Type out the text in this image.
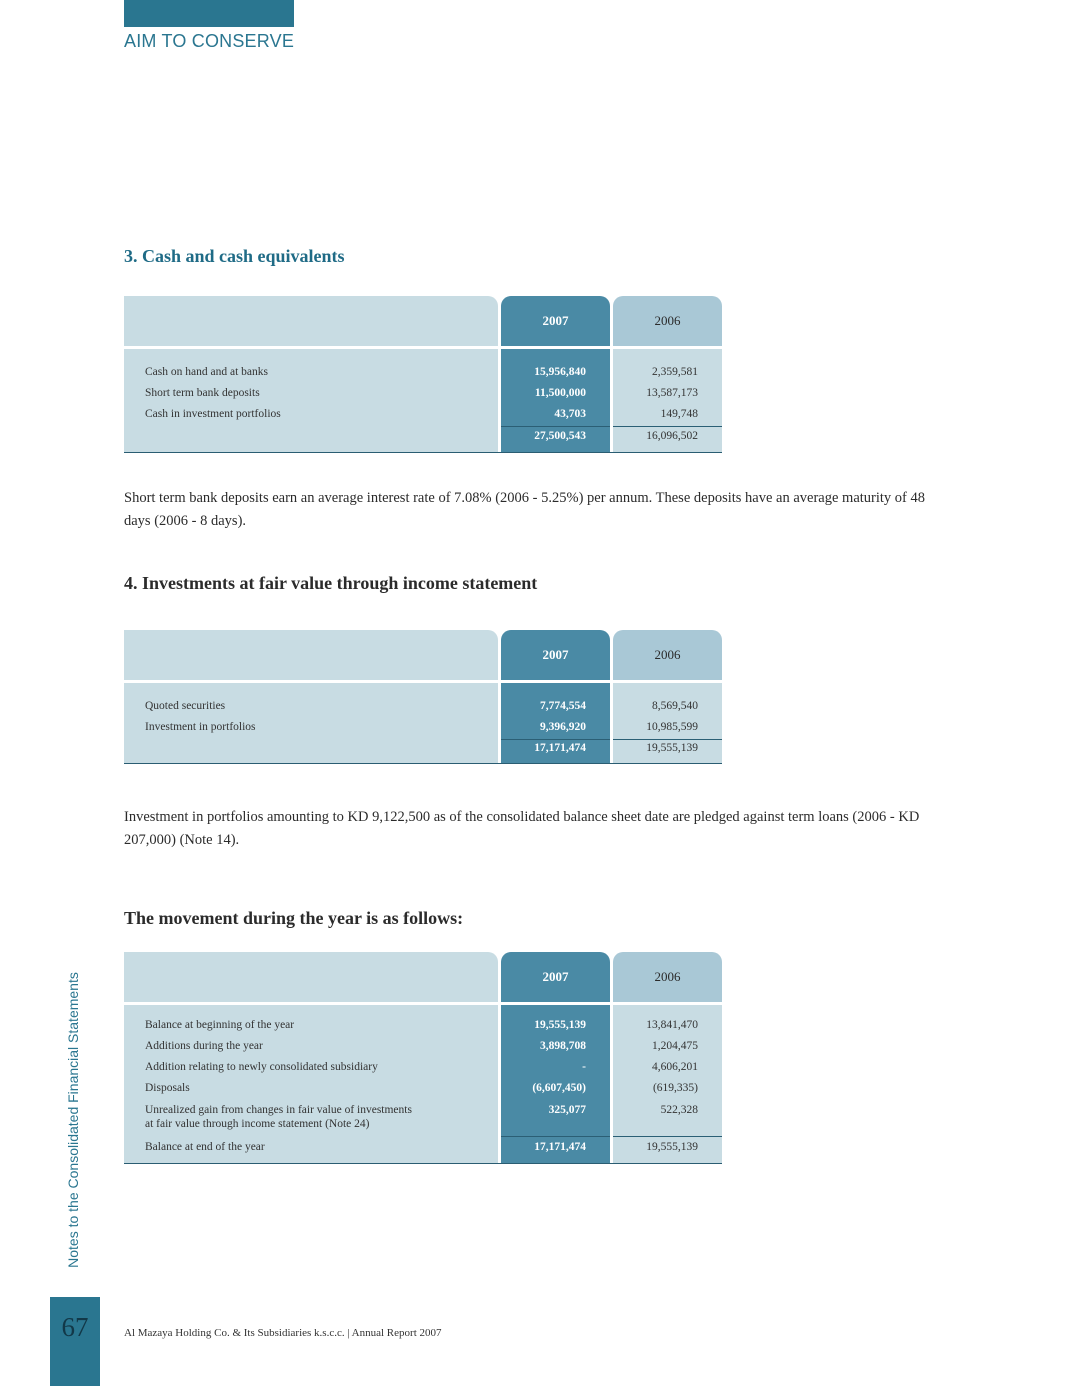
AIM TO CONSERVE
Notes to the Consolidated Financial Statements
67	Al Mazaya Holding Co. & Its Subsidiaries k.s.c.c. | Annual Report 2007
3. Cash and cash equivalents
2007	2006
Cash on hand and at banks	15,956,840	2,359,581
Short term bank deposits	11,500,000	13,587,173
Cash in investment portfolios	43,703	149,748
27,500,543	16,096,502
Short term bank deposits earn an average interest rate of 7.08% (2006 - 5.25%) per annum. These deposits have an average maturity of 48 days (2006 - 8 days).
4. Investments at fair value through income statement
2007	2006
Quoted securities	7,774,554	8,569,540
Investment in portfolios	9,396,920	10,985,599
17,171,474	19,555,139
Investment in portfolios amounting to KD 9,122,500 as of the consolidated balance sheet date are pledged against term loans (2006 - KD 207,000) (Note 14).
The movement during the year is as follows:
2007	2006
Balance at beginning of the year	19,555,139	13,841,470
Additions during the year	3,898,708	1,204,475
Addition relating to newly consolidated subsidiary	-	4,606,201
Disposals	(6,607,450)	(619,335)
Unrealized gain from changes in fair value of investments
at fair value through income statement (Note 24)
325,077	522,328
Balance at end of the year	17,171,474	19,555,139
